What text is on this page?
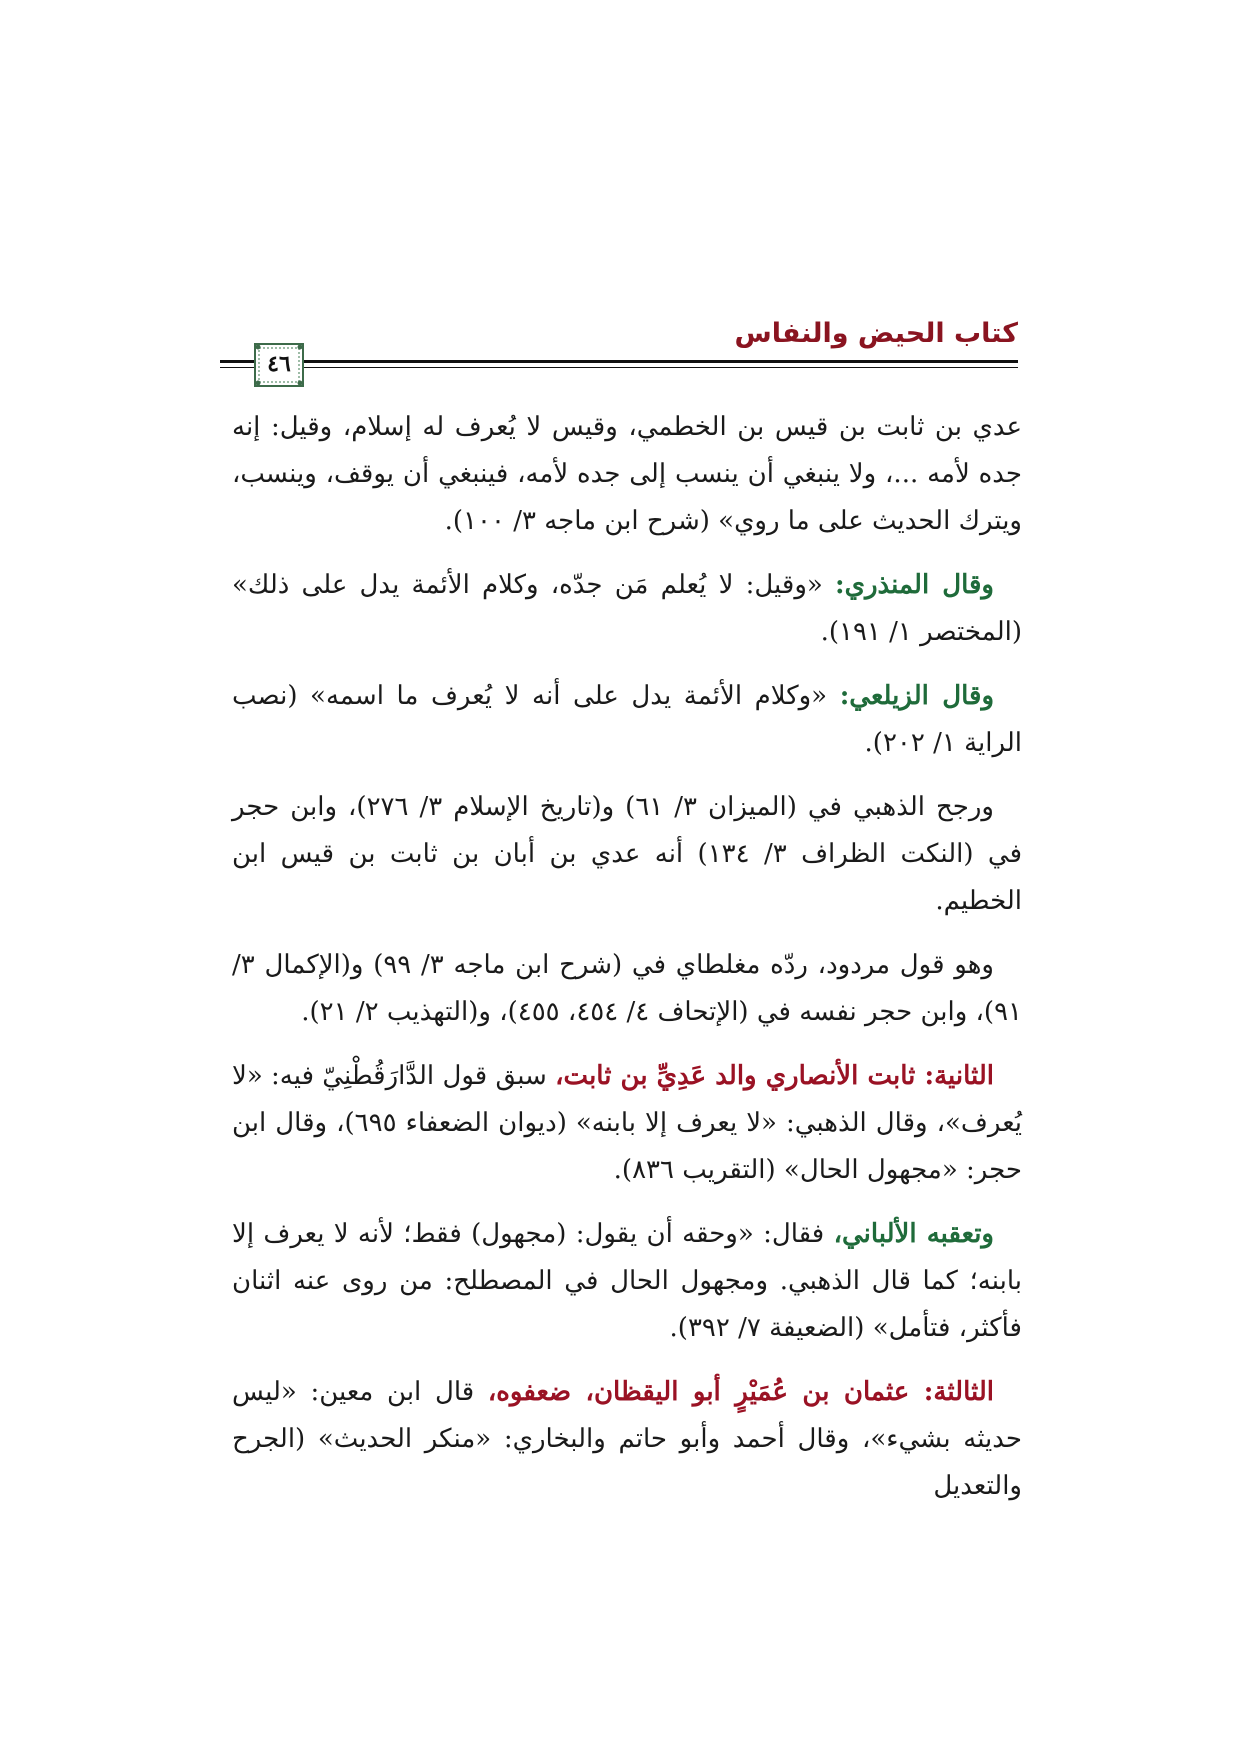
كتاب الحيض والنفاس
٤٦

عدي بن ثابت بن قيس بن الخطمي، وقيس لا يُعرف له إسلام، وقيل: إنه جده لأمه ...، ولا ينبغي أن ينسب إلى جده لأمه، فينبغي أن يوقف، وينسب، ويترك الحديث على ما روي» (شرح ابن ماجه ٣/ ١٠٠).

وقال المنذري: «وقيل: لا يُعلم مَن جدّه، وكلام الأئمة يدل على ذلك» (المختصر ١/ ١٩١).

وقال الزيلعي: «وكلام الأئمة يدل على أنه لا يُعرف ما اسمه» (نصب الراية ١/ ٢٠٢).

ورجح الذهبي في (الميزان ٣/ ٦١) و(تاريخ الإسلام ٣/ ٢٧٦)، وابن حجر في (النكت الظراف ٣/ ١٣٤) أنه عدي بن أبان بن ثابت بن قيس ابن الخطيم.

وهو قول مردود، ردّه مغلطاي في (شرح ابن ماجه ٣/ ٩٩) و(الإكمال ٣/ ٩١)، وابن حجر نفسه في (الإتحاف ٤/ ٤٥٤، ٤٥٥)، و(التهذيب ٢/ ٢١).

الثانية: ثابت الأنصاري والد عَدِيِّ بن ثابت، سبق قول الدَّارَقُطْنِيّ فيه: «لا يُعرف»، وقال الذهبي: «لا يعرف إلا بابنه» (ديوان الضعفاء ٦٩٥)، وقال ابن حجر: «مجهول الحال» (التقريب ٨٣٦).

وتعقبه الألباني، فقال: «وحقه أن يقول: (مجهول) فقط؛ لأنه لا يعرف إلا بابنه؛ كما قال الذهبي. ومجهول الحال في المصطلح: من روى عنه اثنان فأكثر، فتأمل» (الضعيفة ٧/ ٣٩٢).

الثالثة: عثمان بن عُمَيْرٍ أبو اليقظان، ضعفوه، قال ابن معين: «ليس حديثه بشيء»، وقال أحمد وأبو حاتم والبخاري: «منكر الحديث» (الجرح والتعديل
